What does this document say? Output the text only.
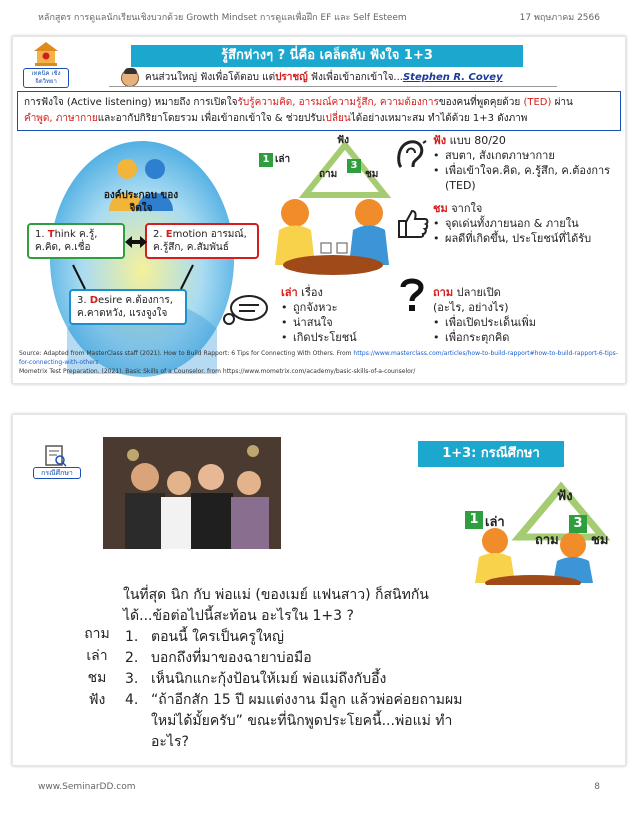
หลักสูตร การดูแลนักเรียนเชิงบวกด้วย Growth Mindset การดูแลเพื่อฝึก EF และ Self Esteem	17 พฤษภาคม 2566
เทคนิค เชิงจิตวิทยา
รู้สึกห่างๆ ? นี่คือ เคล็ดลับ ฟังใจ 1+3
คนส่วนใหญ่ ฟังเพื่อโต้ตอบ แต่ปราชญ์ ฟังเพื่อเข้าอกเข้าใจ...Stephen R. Covey
การฟังใจ (Active listening) หมายถึง การเปิดใจรับรู้ความคิด, อารมณ์ความรู้สึก, ความต้องการของคนที่พูดคุยด้วย (TED) ผ่าน
คำพูด, ภาษากายและอากัปกิริยาโดยรวม เพื่อเข้าอกเข้าใจ & ช่วยปรับเปลี่ยนได้อย่างเหมาะสม ทำได้ด้วย 1+3 ดังภาพ
องค์ประกอบ ของจิตใจ
1. Think ค.รู้,
ค.คิด, ค.เชื่อ
2. Emotion อารมณ์,
ค.รู้สึก, ค.สัมพันธ์
3. Desire ค.ต้องการ,
ค.คาดหวัง, แรงจูงใจ
1 เล่า
ฟัง
ถาม
3
ชม
ฟัง แบบ 80/20
• สบตา, สังเกตภาษากาย
• เพื่อเข้าใจค.คิด, ค.รู้สึก, ค.ต้องการ (TED)
ชม จากใจ
• จุดเด่นทั้งภายนอก & ภายใน
• ผลดีที่เกิดขึ้น, ประโยชน์ที่ได้รับ
เล่า เรื่อง
• ถูกจังหวะ
• น่าสนใจ
• เกิดประโยชน์
ถาม ปลายเปิด
(อะไร, อย่างไร)
• เพื่อเปิดประเด็นเพิ่ม
• เพื่อกระตุกคิด
Source: Adapted from MasterClass staff (2021). How to Build Rapport: 6 Tips for Connecting With Others. From https://www.masterclass.com/articles/how-to-build-rapport#how-to-build-rapport-6-tips-for-connecting-with-others
Mometrix Test Preparation. (2021). Basic Skills of a Counselor. from https://www.mometrix.com/academy/basic-skills-of-a-counselor/
กรณีศึกษา
1+3: กรณีศึกษา
ฟัง
1 เล่า
ถาม
3
ชม
ถาม
เล่า
ชม
ฟัง

ในที่สุด นิก กับ พ่อแม่ (ของเมย์ แฟนสาว) ก็สนิทกันได้...ข้อต่อไปนี้สะท้อน อะไรใน 1+3 ?

1. ตอนนี้ ใครเป็นครูใหญ่
2. บอกถึงที่มาของฉายาบ่อมือ
3. เห็นนิกแกะกุ้งป้อนให้เมย์ พ่อแม่ถึงกับอึ้ง
4. “ถ้าอีกสัก 15 ปี ผมแต่งงาน มีลูก แล้วพ่อค่อยถามผมใหม่ได้มั้ยครับ” ขณะที่นิกพูดประโยคนี้...พ่อแม่ ทำอะไร?
www.SeminarDD.com	8
